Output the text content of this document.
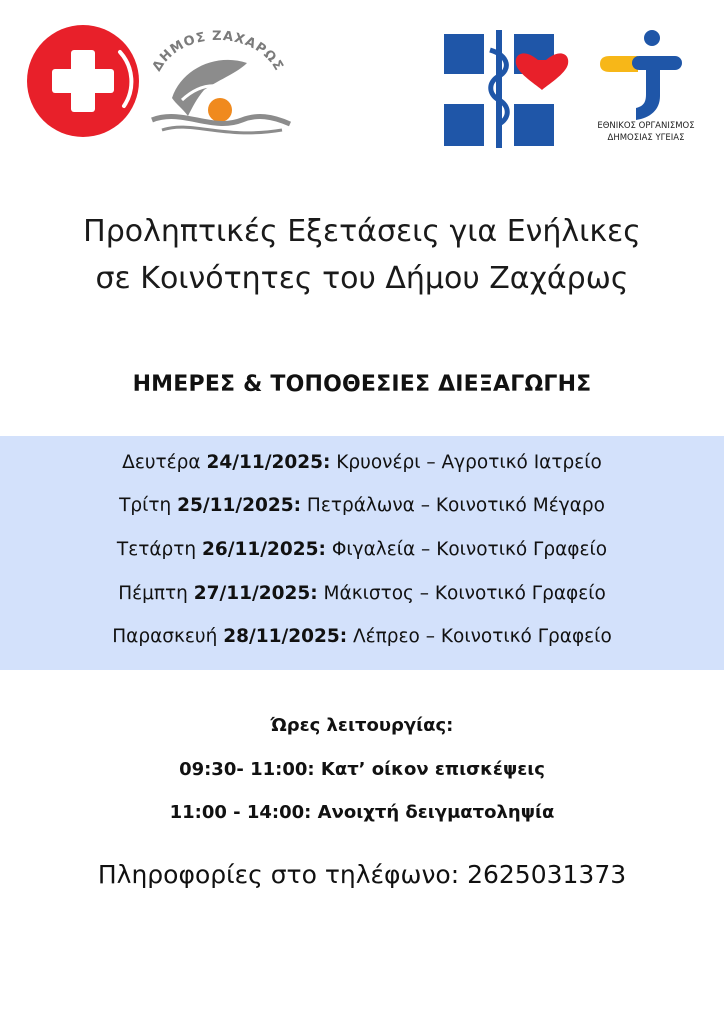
ΔΗΜΟΣ ΖΑΧΑΡΩΣ
ΕΘΝΙΚΟΣ ΟΡΓΑΝΙΣΜΟΣ
ΔΗΜΟΣΙΑΣ ΥΓΕΙΑΣ
Προληπτικές Εξετάσεις για Ενήλικες
σε Κοινότητες του Δήμου Ζαχάρως
ΗΜΕΡΕΣ & ΤΟΠΟΘΕΣΙΕΣ ΔΙΕΞΑΓΩΓΗΣ
Δευτέρα 24/11/2025: Κρυονέρι – Αγροτικό Ιατρείο
Τρίτη 25/11/2025: Πετράλωνα – Κοινοτικό Μέγαρο
Τετάρτη 26/11/2025: Φιγαλεία – Κοινοτικό Γραφείο
Πέμπτη 27/11/2025: Μάκιστος – Κοινοτικό Γραφείο
Παρασκευή 28/11/2025: Λέπρεο – Κοινοτικό Γραφείο
Ώρες λειτουργίας:
09:30- 11:00: Κατ’ οίκον επισκέψεις
11:00 - 14:00: Ανοιχτή δειγματοληψία
Πληροφορίες στο τηλέφωνο: 2625031373
